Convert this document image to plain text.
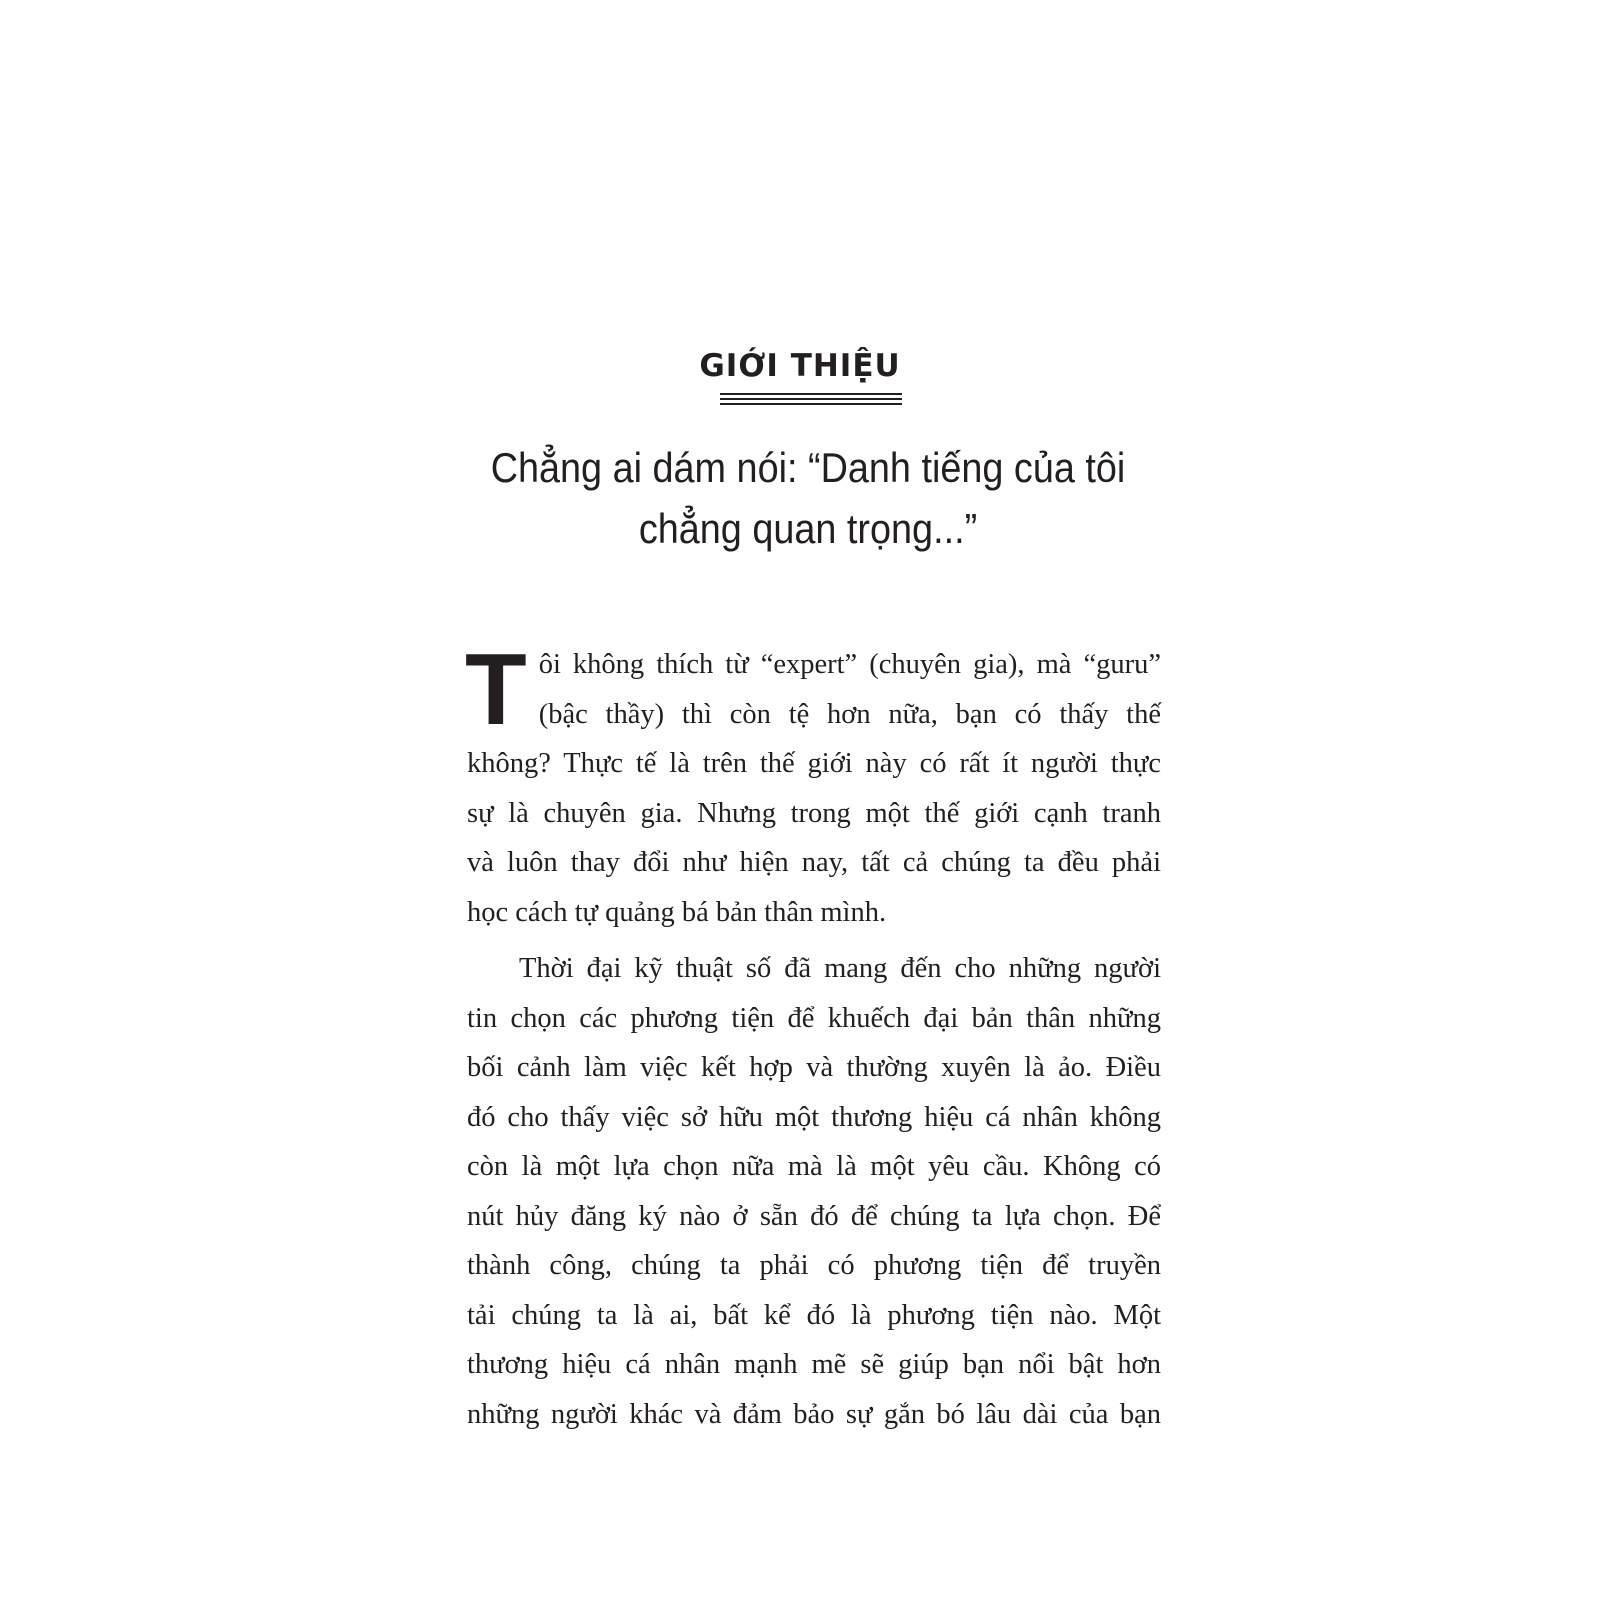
GIỚI THIỆU
Chẳng ai dám nói: “Danh tiếng của tôi
chẳng quan trọng...”
T ôi không thích từ “expert” (chuyên gia), mà “guru”
(bậc thầy) thì còn tệ hơn nữa, bạn có thấy thế
không? Thực tế là trên thế giới này có rất ít người thực
sự là chuyên gia. Nhưng trong một thế giới cạnh tranh
và luôn thay đổi như hiện nay, tất cả chúng ta đều phải
học cách tự quảng bá bản thân mình.
Thời đại kỹ thuật số đã mang đến cho những người
tin chọn các phương tiện để khuếch đại bản thân những
bối cảnh làm việc kết hợp và thường xuyên là ảo. Điều
đó cho thấy việc sở hữu một thương hiệu cá nhân không
còn là một lựa chọn nữa mà là một yêu cầu. Không có
nút hủy đăng ký nào ở sẵn đó để chúng ta lựa chọn. Để
thành công, chúng ta phải có phương tiện để truyền
tải chúng ta là ai, bất kể đó là phương tiện nào. Một
thương hiệu cá nhân mạnh mẽ sẽ giúp bạn nổi bật hơn
những người khác và đảm bảo sự gắn bó lâu dài của bạn
